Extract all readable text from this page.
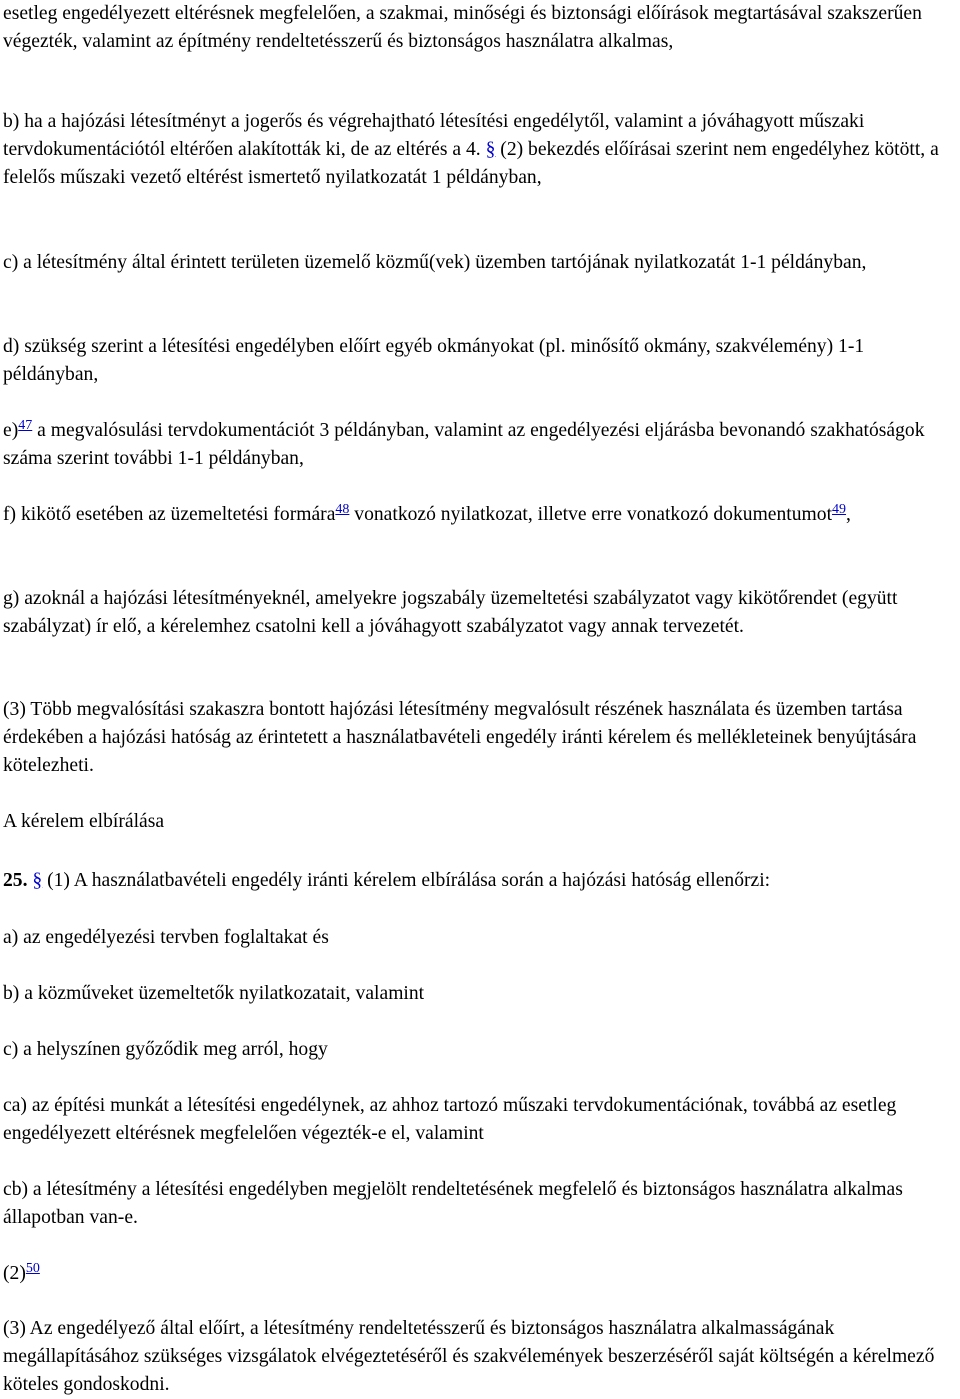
esetleg engedélyezett eltérésnek megfelelően, a szakmai, minőségi és biztonsági előírások megtartásával szakszerűen végezték, valamint az építmény rendeltetésszerű és biztonságos használatra alkalmas,

b) ha a hajózási létesítményt a jogerős és végrehajtható létesítési engedélytől, valamint a jóváhagyott műszaki tervdokumentációtól eltérően alakították ki, de az eltérés a 4. § (2) bekezdés előírásai szerint nem engedélyhez kötött, a felelős műszaki vezető eltérést ismertető nyilatkozatát 1 példányban,

c) a létesítmény által érintett területen üzemelő közmű(vek) üzemben tartójának nyilatkozatát 1-1 példányban,

d) szükség szerint a létesítési engedélyben előírt egyéb okmányokat (pl. minősítő okmány, szakvélemény) 1-1 példányban,

e)$^{47}$ a megvalósulási tervdokumentációt 3 példányban, valamint az engedélyezési eljárásba bevonandó szakhatóságok száma szerint további 1-1 példányban,

f) kikötő esetében az üzemeltetési formára$^{48}$ vonatkozó nyilatkozat, illetve erre vonatkozó dokumentumot$^{49}$,

g) azoknál a hajózási létesítményeknél, amelyekre jogszabály üzemeltetési szabályzatot vagy kikötőrendet (együtt szabályzat) ír elő, a kérelemhez csatolni kell a jóváhagyott szabályzatot vagy annak tervezetét.

(3) Több megvalósítási szakaszra bontott hajózási létesítmény megvalósult részének használata és üzemben tartása érdekében a hajózási hatóság az érintetett a használatbavételi engedély iránti kérelem és mellékleteinek benyújtására kötelezheti.

A kérelem elbírálása

25. § (1) A használatbavételi engedély iránti kérelem elbírálása során a hajózási hatóság ellenőrzi:

a) az engedélyezési tervben foglaltakat és

b) a közműveket üzemeltetők nyilatkozatait, valamint

c) a helyszínen győződik meg arról, hogy

ca) az építési munkát a létesítési engedélynek, az ahhoz tartozó műszaki tervdokumentációnak, továbbá az esetleg engedélyezett eltérésnek megfelelően végezték-e el, valamint

cb) a létesítmény a létesítési engedélyben megjelölt rendeltetésének megfelelő és biztonságos használatra alkalmas állapotban van-e.

(2)$^{50}$

(3) Az engedélyező által előírt, a létesítmény rendeltetésszerű és biztonságos használatra alkalmasságának megállapításához szükséges vizsgálatok elvégeztetéséről és szakvélemények beszerzéséről saját költségén a kérelmező köteles gondoskodni.
